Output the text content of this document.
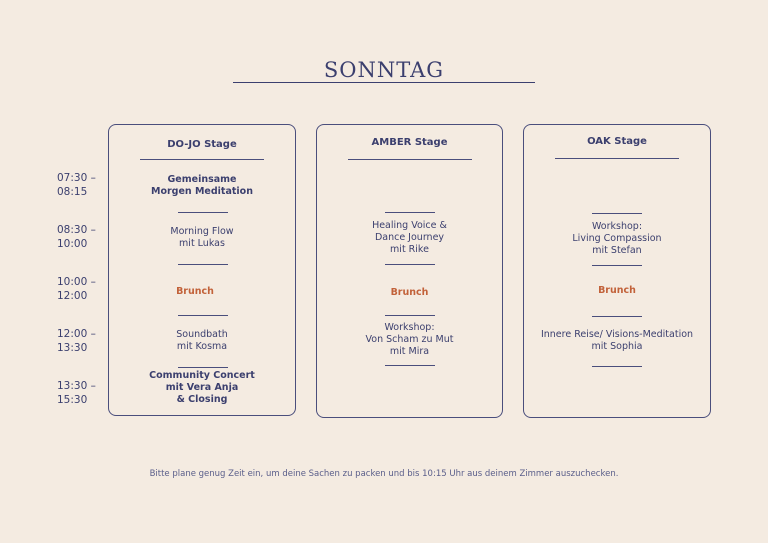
SONNTAG
07:30 –
08:15
08:30 –
10:00
10:00 –
12:00
12:00 –
13:30
13:30 –
15:30
DO-JO Stage
Gemeinsame
Morgen Meditation
Morning Flow
mit Lukas
Brunch
Soundbath
mit Kosma
Community Concert
mit Vera Anja
& Closing
AMBER Stage
Healing Voice &
Dance Journey
mit Rike
Brunch
Workshop:
Von Scham zu Mut
mit Mira
OAK Stage
Workshop:
Living Compassion
mit Stefan
Brunch
Innere Reise/ Visions-Meditation
mit Sophia
Bitte plane genug Zeit ein, um deine Sachen zu packen und bis 10:15 Uhr aus deinem Zimmer auszuchecken.
